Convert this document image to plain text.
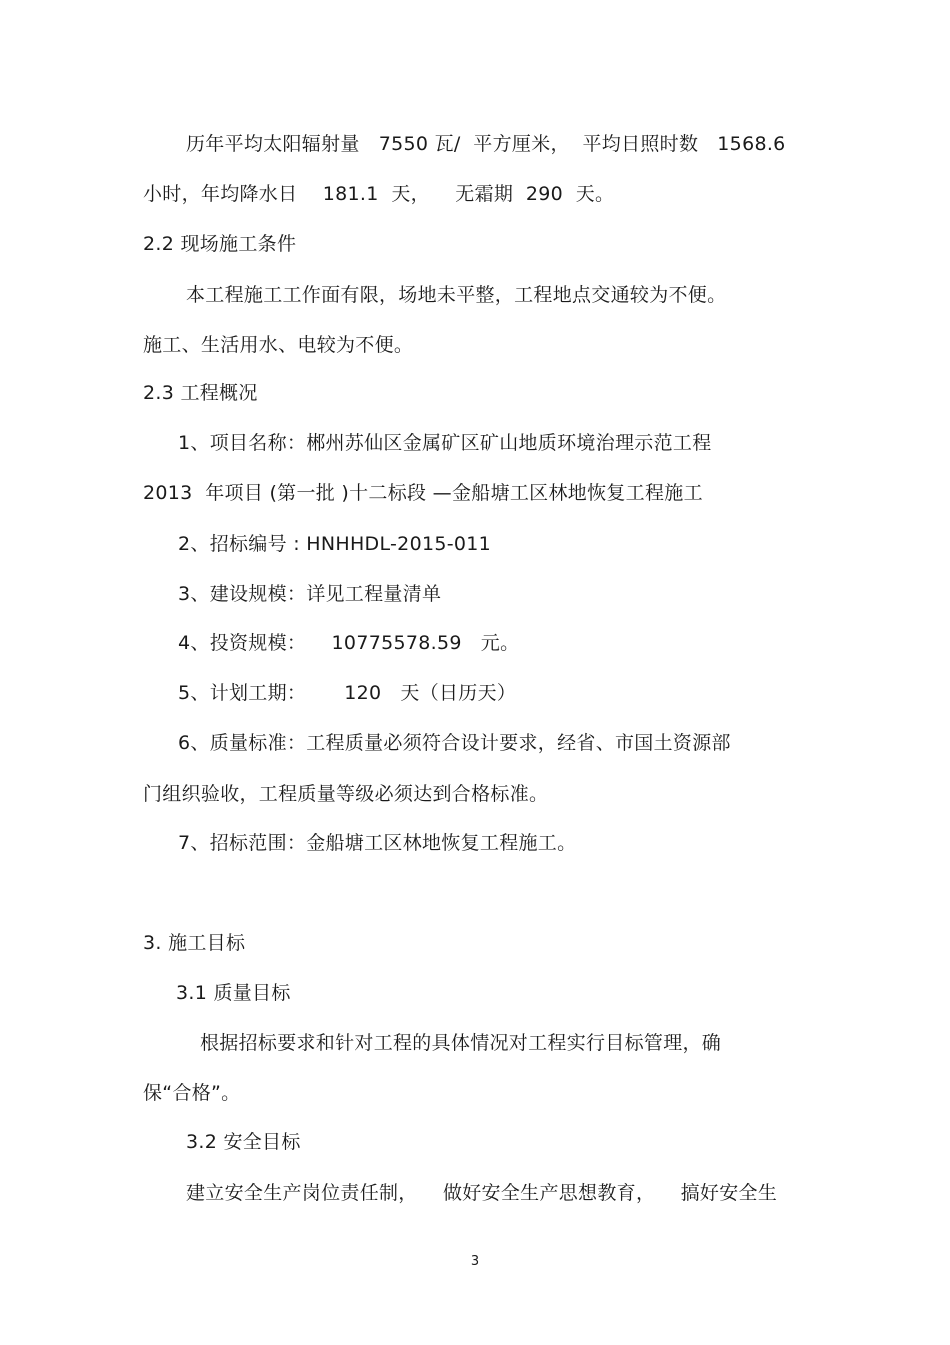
历年平均太阳辐射量   7550 瓦/  平方厘米，  平均日照时数   1568.6
小时，年均降水日    181.1  天，    无霜期  290  天。
2.2 现场施工条件
本工程施工工作面有限，场地未平整，工程地点交通较为不便。
施工、生活用水、电较为不便。
2.3 工程概况
1、项目名称：郴州苏仙区金属矿区矿山地质环境治理示范工程
2013  年项目 (第一批 )十二标段 —金船塘工区林地恢复工程施工
2、招标编号 : HNHHDL-2015-011
3、建设规模：详见工程量清单
4、投资规模：    10775578.59   元。
5、计划工期：      120   天（日历天）
6、质量标准：工程质量必须符合设计要求，经省、市国土资源部
门组织验收，工程质量等级必须达到合格标准。
7、招标范围：金船塘工区林地恢复工程施工。
3. 施工目标
3.1 质量目标
根据招标要求和针对工程的具体情况对工程实行目标管理，确
保“合格”。
3.2 安全目标
建立安全生产岗位责任制，    做好安全生产思想教育，    搞好安全生
3
